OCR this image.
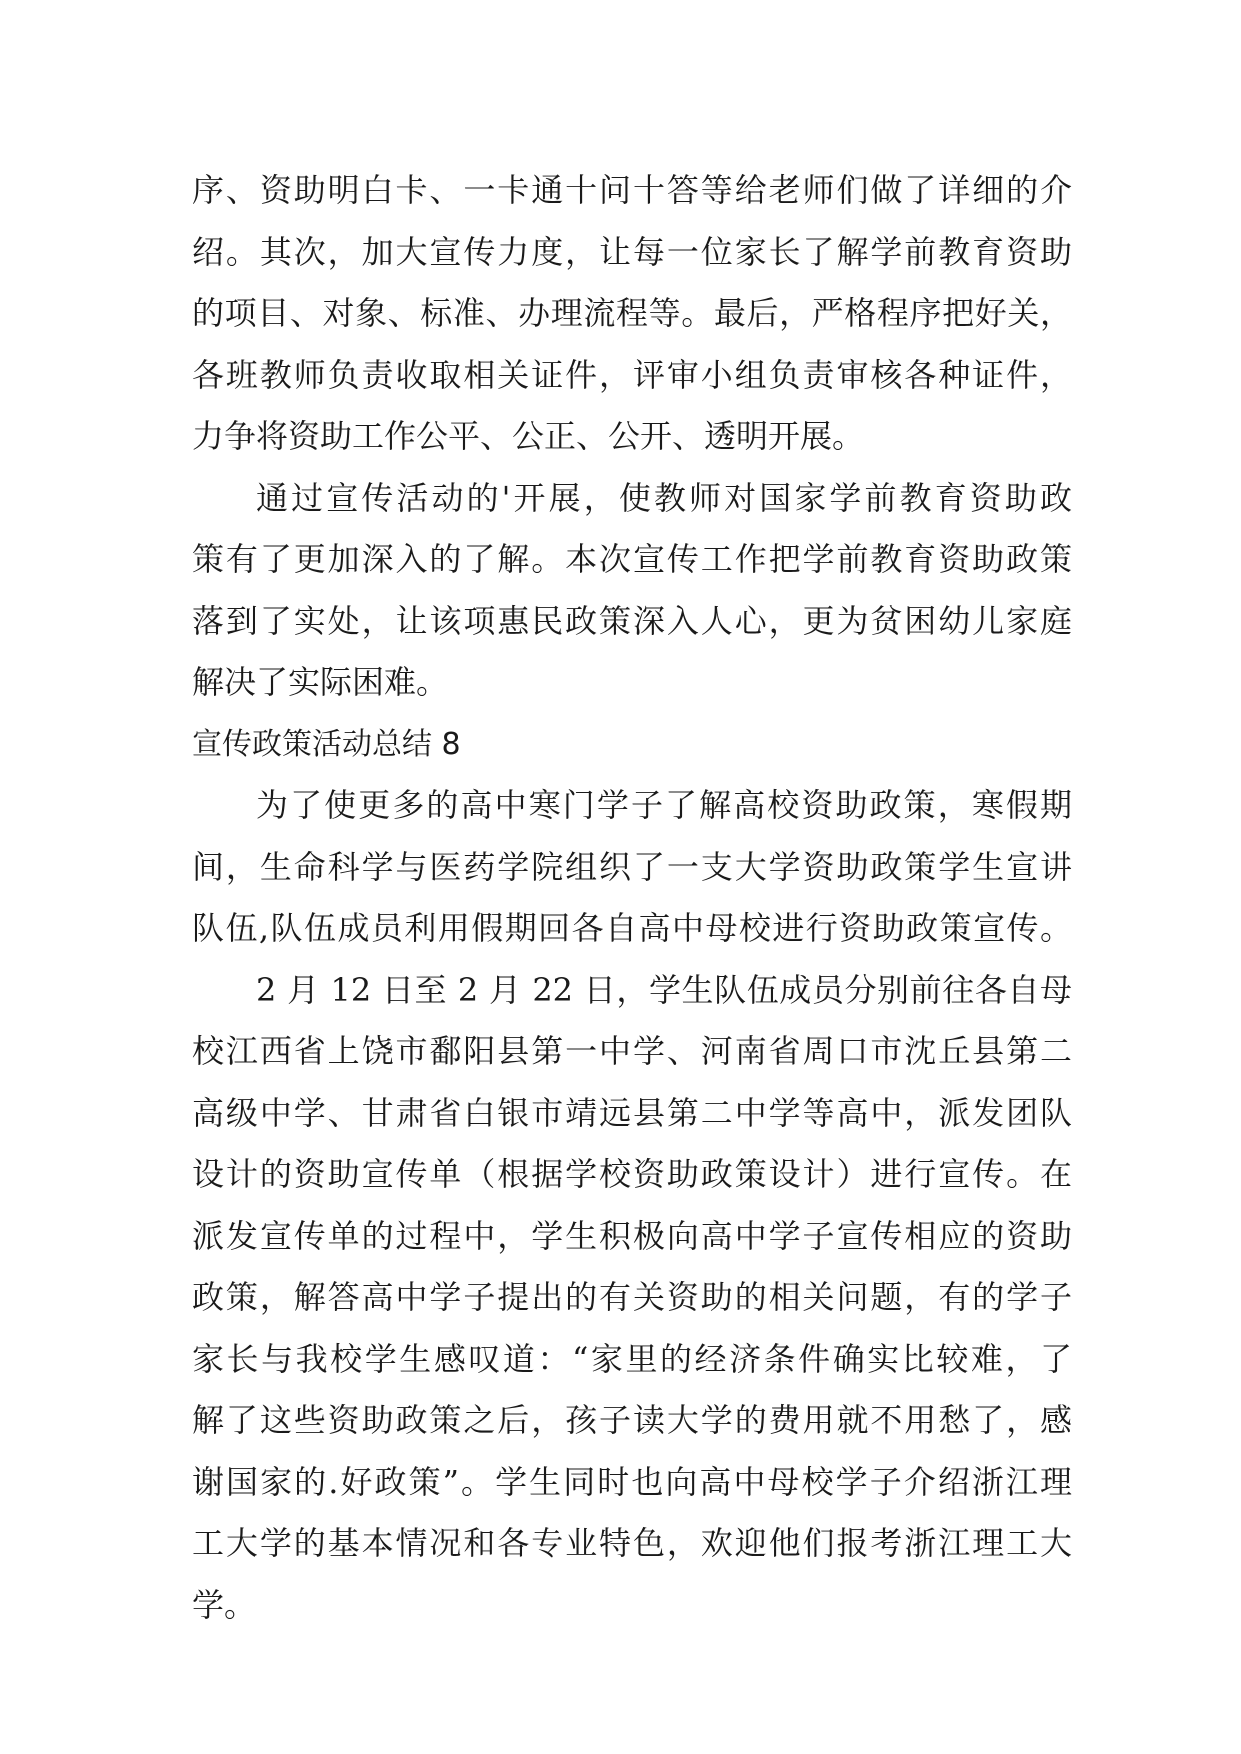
序、资助明白卡、一卡通十问十答等给老师们做了详细的介
绍。其次，加大宣传力度，让每一位家长了解学前教育资助
的项目、对象、标准、办理流程等。最后，严格程序把好关，
各班教师负责收取相关证件，评审小组负责审核各种证件，
力争将资助工作公平、公正、公开、透明开展。
通过宣传活动的'开展，使教师对国家学前教育资助政
策有了更加深入的了解。本次宣传工作把学前教育资助政策
落到了实处，让该项惠民政策深入人心，更为贫困幼儿家庭
解决了实际困难。
宣传政策活动总结 8
为了使更多的高中寒门学子了解高校资助政策，寒假期
间，生命科学与医药学院组织了一支大学资助政策学生宣讲
队伍,队伍成员利用假期回各自高中母校进行资助政策宣传。
2 月 12 日至 2 月 22 日，学生队伍成员分别前往各自母
校江西省上饶市鄱阳县第一中学、河南省周口市沈丘县第二
高级中学、甘肃省白银市靖远县第二中学等高中，派发团队
设计的资助宣传单（根据学校资助政策设计）进行宣传。在
派发宣传单的过程中，学生积极向高中学子宣传相应的资助
政策，解答高中学子提出的有关资助的相关问题，有的学子
家长与我校学生感叹道：“家里的经济条件确实比较难，了
解了这些资助政策之后，孩子读大学的费用就不用愁了，感
谢国家的.好政策”。学生同时也向高中母校学子介绍浙江理
工大学的基本情况和各专业特色，欢迎他们报考浙江理工大
学。
